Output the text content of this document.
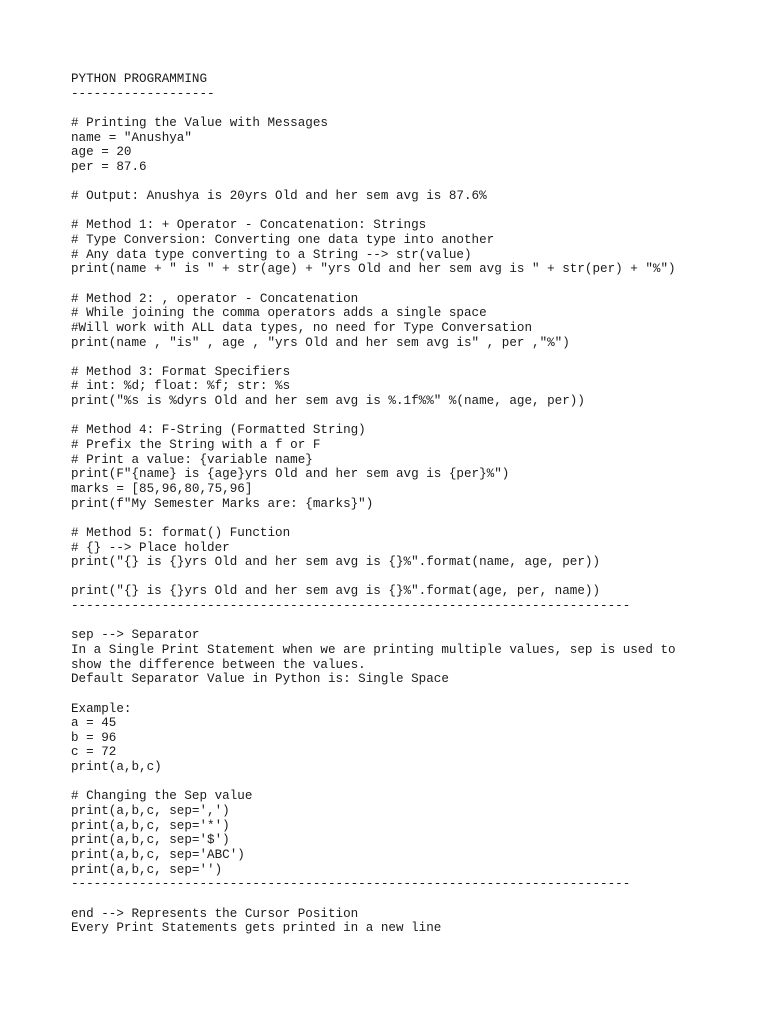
PYTHON PROGRAMMING
-------------------
# Printing the Value with Messages
name = "Anushya"
age = 20
per = 87.6
# Output: Anushya is 20yrs Old and her sem avg is 87.6%
# Method 1: + Operator - Concatenation: Strings
# Type Conversion: Converting one data type into another
# Any data type converting to a String --> str(value)
print(name + " is " + str(age) + "yrs Old and her sem avg is " + str(per) + "%")
# Method 2: , operator - Concatenation
# While joining the comma operators adds a single space
#Will work with ALL data types, no need for Type Conversation
print(name , "is" , age , "yrs Old and her sem avg is" , per ,"%")
# Method 3: Format Specifiers
# int: %d; float: %f; str: %s
print("%s is %dyrs Old and her sem avg is %.1f%%" %(name, age, per))
# Method 4: F-String (Formatted String)
# Prefix the String with a f or F
# Print a value: {variable name}
print(F"{name} is {age}yrs Old and her sem avg is {per}%")
marks = [85,96,80,75,96]
print(f"My Semester Marks are: {marks}")
# Method 5: format() Function
# {} --> Place holder
print("{} is {}yrs Old and her sem avg is {}%".format(name, age, per))
print("{} is {}yrs Old and her sem avg is {}%".format(age, per, name))
--------------------------------------------------------------------------
sep --> Separator
In a Single Print Statement when we are printing multiple values, sep is used to
show the difference between the values.
Default Separator Value in Python is: Single Space
Example:
a = 45
b = 96
c = 72
print(a,b,c)
# Changing the Sep value
print(a,b,c, sep=',')
print(a,b,c, sep='*')
print(a,b,c, sep='$')
print(a,b,c, sep='ABC')
print(a,b,c, sep='')
--------------------------------------------------------------------------
end --> Represents the Cursor Position
Every Print Statements gets printed in a new line
